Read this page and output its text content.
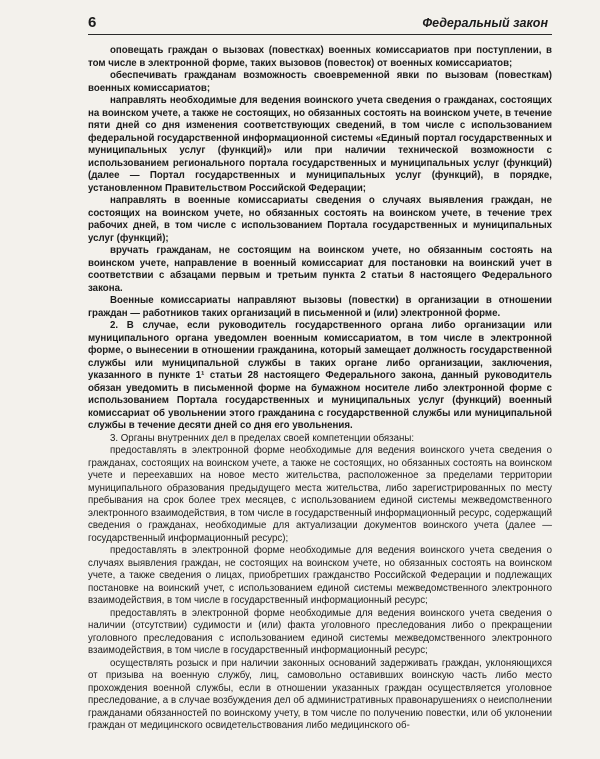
6	Федеральный закон

оповещать граждан о вызовах (повестках) военных комиссариатов при поступлении, в том числе в электронной форме, таких вызовов (повесток) от военных комиссариатов;

обеспечивать гражданам возможность своевременной явки по вызовам (повесткам) военных комиссариатов;

направлять необходимые для ведения воинского учета сведения о гражданах, состоящих на воинском учете, а также не состоящих, но обязанных состоять на воинском учете, в течение пяти дней со дня изменения соответствующих сведений, в том числе с использованием федеральной государственной информационной системы «Единый портал государственных и муниципальных услуг (функций)» или при наличии технической возможности с использованием регионального портала государственных и муниципальных услуг (функций) (далее — Портал государственных и муниципальных услуг (функций), в порядке, установленном Правительством Российской Федерации;

направлять в военные комиссариаты сведения о случаях выявления граждан, не состоящих на воинском учете, но обязанных состоять на воинском учете, в течение трех рабочих дней, в том числе с использованием Портала государственных и муниципальных услуг (функций);

вручать гражданам, не состоящим на воинском учете, но обязанным состоять на воинском учете, направление в военный комиссариат для постановки на воинский учет в соответствии с абзацами первым и третьим пункта 2 статьи 8 настоящего Федерального закона.

Военные комиссариаты направляют вызовы (повестки) в организации в отношении граждан — работников таких организаций в письменной и (или) электронной форме.

2. В случае, если руководитель государственного органа либо организации или муниципального органа уведомлен военным комиссариатом, в том числе в электронной форме, о вынесении в отношении гражданина, который замещает должность государственной службы или муниципальной службы в таких органе либо организации, заключения, указанного в пункте 1¹ статьи 28 настоящего Федерального закона, данный руководитель обязан уведомить в письменной форме на бумажном носителе либо электронной форме с использованием Портала государственных и муниципальных услуг (функций) военный комиссариат об увольнении этого гражданина с государственной службы или муниципальной службы в течение десяти дней со дня его увольнения.

3. Органы внутренних дел в пределах своей компетенции обязаны:

предоставлять в электронной форме необходимые для ведения воинского учета сведения о гражданах, состоящих на воинском учете, а также не состоящих, но обязанных состоять на воинском учете и переехавших на новое место жительства, расположенное за пределами территории муниципального образования предыдущего места жительства, либо зарегистрированных по месту пребывания на срок более трех месяцев, с использованием единой системы межведомственного электронного взаимодействия, в том числе в государственный информационный ресурс, содержащий сведения о гражданах, необходимые для актуализации документов воинского учета (далее — государственный информационный ресурс);

предоставлять в электронной форме необходимые для ведения воинского учета сведения о случаях выявления граждан, не состоящих на воинском учете, но обязанных состоять на воинском учете, а также сведения о лицах, приобретших гражданство Российской Федерации и подлежащих постановке на воинский учет, с использованием единой системы межведомственного электронного взаимодействия, в том числе в государственный информационный ресурс;

предоставлять в электронной форме необходимые для ведения воинского учета сведения о наличии (отсутствии) судимости и (или) факта уголовного преследования либо о прекращении уголовного преследования с использованием единой системы межведомственного электронного взаимодействия, в том числе в государственный информационный ресурс;

осуществлять розыск и при наличии законных оснований задерживать граждан, уклоняющихся от призыва на военную службу, лиц, самовольно оставивших воинскую часть либо место прохождения военной службы, если в отношении указанных граждан осуществляется уголовное преследование, а в случае возбуждения дел об административных правонарушениях о неисполнении гражданами обязанностей по воинскому учету, в том числе по получению повестки, или об уклонении граждан от медицинского освидетельствования либо медицинского об-
